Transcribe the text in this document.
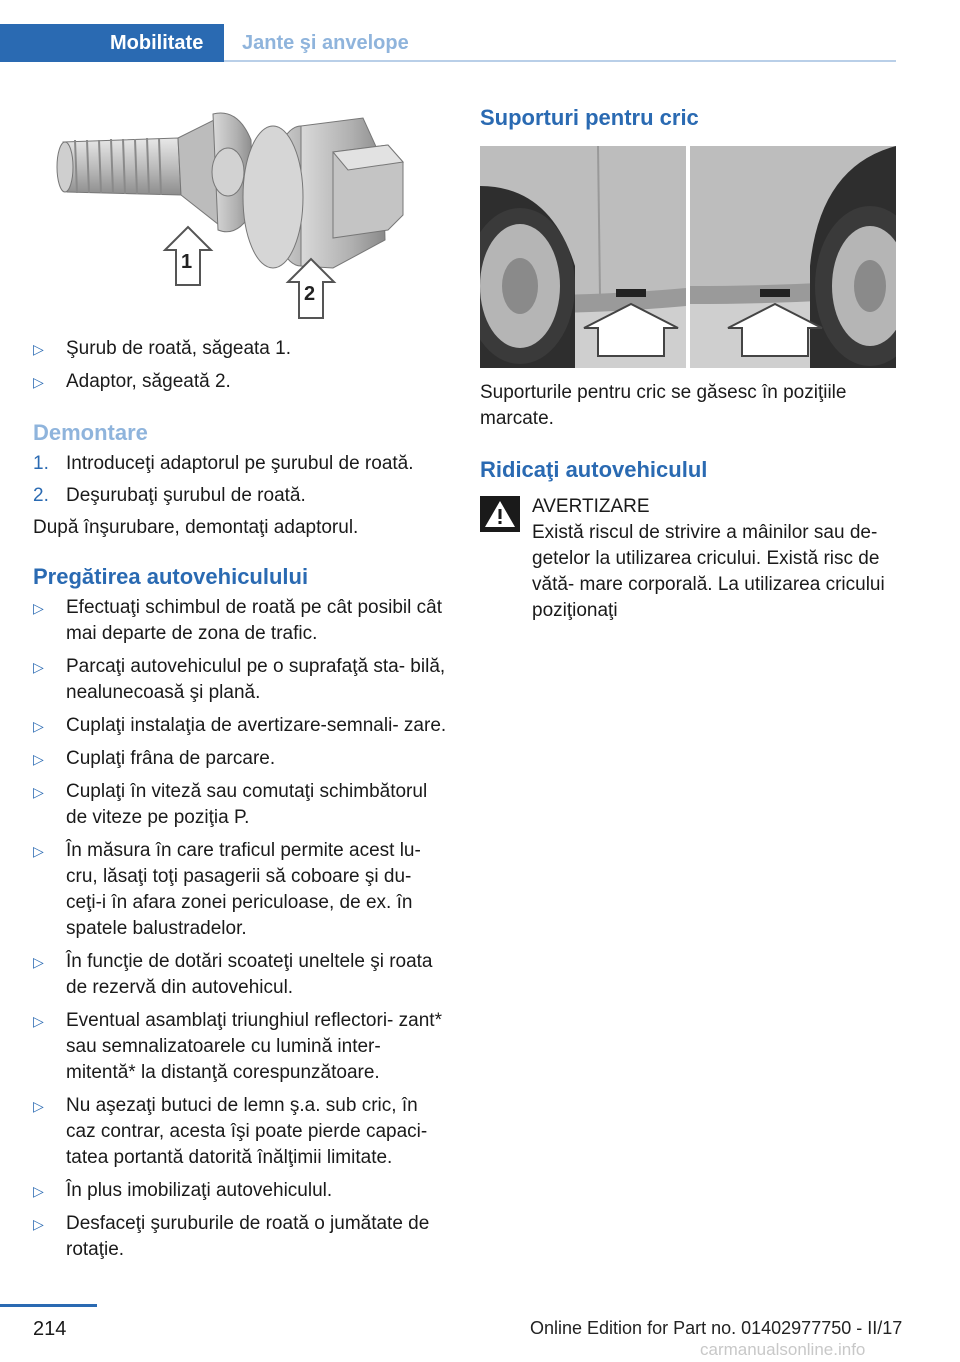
Mobilitate	Jante şi anvelope
1
2
▷ Şurub de roată, săgeata 1.
▷ Adaptor, săgeată 2.
Demontare
1. Introduceţi adaptorul pe şurubul de roată.
2. Deşurubaţi şurubul de roată.

După înşurubare, demontaţi adaptorul.

Pregătirea autovehiculului
▷ Efectuaţi schimbul de roată pe cât posibil cât mai departe de zona de trafic.
▷ Parcaţi autovehiculul pe o suprafaţă sta‐ bilă, nealunecoasă şi plană.
▷ Cuplaţi instalaţia de avertizare-semnali‐ zare.
▷ Cuplaţi frâna de parcare.
▷ Cuplaţi în viteză sau comutaţi schimbătorul de viteze pe poziţia P.
▷ În măsura în care traficul permite acest lu‐ cru, lăsaţi toţi pasagerii să coboare şi du‐ ceţi-i în afara zonei periculoase, de ex. în spatele balustradelor.
▷ În funcţie de dotări scoateţi uneltele şi roata de rezervă din autovehicul.
▷ Eventual asamblaţi triunghiul reflectori‐ zant* sau semnalizatoarele cu lumină inter‐ mitentă* la distanţă corespunzătoare.
▷ Nu aşezaţi butuci de lemn ş.a. sub cric, în caz contrar, acesta îşi poate pierde capaci‐ tatea portantă datorită înălţimii limitate.
▷ În plus imobilizaţi autovehiculul.
▷ Desfaceţi şuruburile de roată o jumătate de rotaţie.
Suporturi pentru cric

Suporturile pentru cric se găsesc în poziţiile marcate.

Ridicaţi autovehiculul
AVERTIZARE
Există riscul de strivire a mâinilor sau de‐ getelor la utilizarea cricului. Există risc de vătă‐ mare corporală. La utilizarea cricului poziţionaţi
214	Online Edition for Part no. 01402977750 - II/17
carmanualsonline.info
